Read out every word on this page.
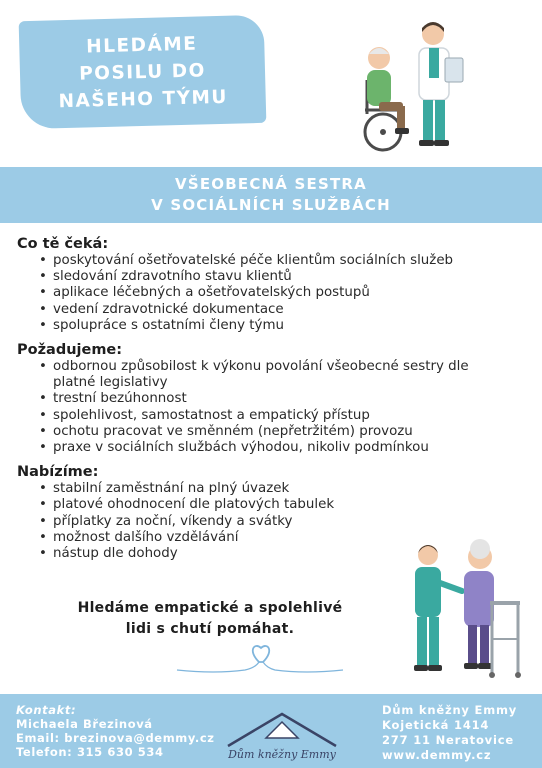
HLEDÁME
POSILU DO
NAŠEHO TÝMU
VŠEOBECNÁ SESTRA
V SOCIÁLNÍCH SLUŽBÁCH
Co tě čeká:
• poskytování ošetřovatelské péče klientům sociálních služeb
• sledování zdravotního stavu klientů
• aplikace léčebných a ošetřovatelských postupů
• vedení zdravotnické dokumentace
• spolupráce s ostatními členy týmu
Požadujeme:
• odbornou způsobilost k výkonu povolání všeobecné sestry dle platné legislativy
• trestní bezúhonnost
• spolehlivost, samostatnost a empatický přístup
• ochotu pracovat ve směnném (nepřetržitém) provozu
• praxe v sociálních službách výhodou, nikoliv podmínkou
Nabízíme:
• stabilní zaměstnání na plný úvazek
• platové ohodnocení dle platových tabulek
• příplatky za noční, víkendy a svátky
• možnost dalšího vzdělávání
• nástup dle dohody
Hledáme empatické a spolehlivé
lidi s chutí pomáhat.
Kontakt:
Michaela Březinová
Email: brezinova@demmy.cz
Telefon: 315 630 534	Dům kněžny Emmy
Dům kněžny Emmy
Kojetická 1414
277 11 Neratovice
www.demmy.cz
